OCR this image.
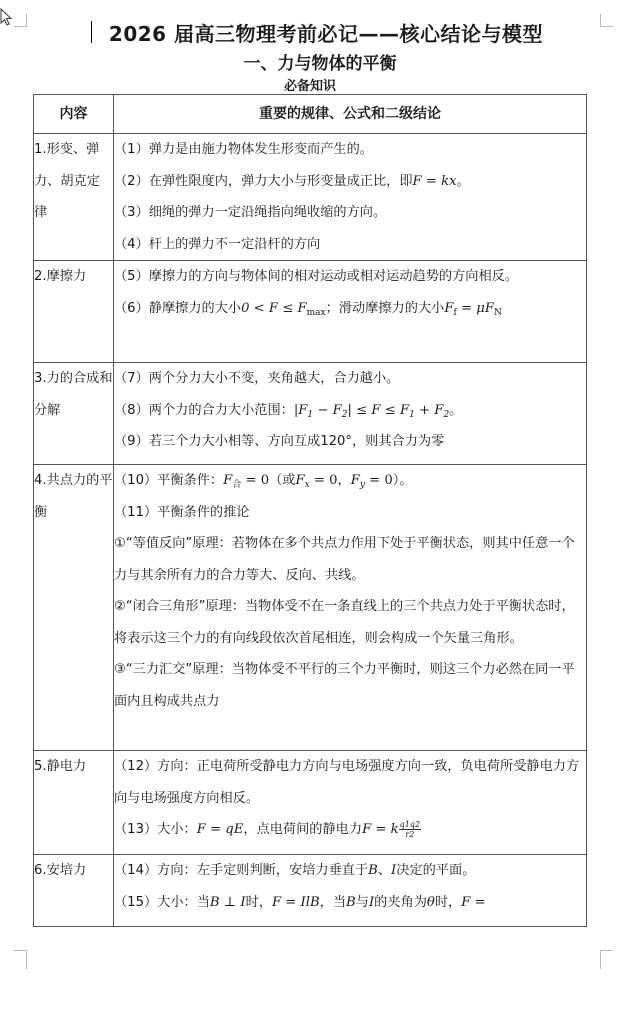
2026 届高三物理考前必记——核心结论与模型
一、力与物体的平衡
必备知识
内容	重要的规律、公式和二级结论
1.形变、弹力、胡克定律	（1）弹力是由施力物体发生形变而产生的。
（2）在弹性限度内，弹力大小与形变量成正比，即F = kx。
（3）细绳的弹力一定沿绳指向绳收缩的方向。
（4）杆上的弹力不一定沿杆的方向

2.摩擦力	（5）摩擦力的方向与物体间的相对运动或相对运动趋势的方向相反。
（6）静摩擦力的大小$0 < F \le F_{max}$；滑动摩擦力的大小$F_f = \mu F_N$

3.力的合成和分解	（7）两个分力大小不变，夹角越大，合力越小。
（8）两个力的合力大小范围：$|F_1 - F_2| \le F \le F_1 + F_2$。
（9）若三个力大小相等、方向互成120°，则其合力为零

4.共点力的平衡	（10）平衡条件：$F_合 = 0$（或$F_x = 0$，$F_y = 0$）。
（11）平衡条件的推论
①“等值反向”原理：若物体在多个共点力作用下处于平衡状态，则其中任意一个力与其余所有力的合力等大、反向、共线。
②“闭合三角形”原理：当物体受不在一条直线上的三个共点力处于平衡状态时，将表示这三个力的有向线段依次首尾相连，则会构成一个矢量三角形。
③“三力汇交”原理：当物体受不平行的三个力平衡时，则这三个力必然在同一平面内且构成共点力

5.静电力	（12）方向：正电荷所受静电力方向与电场强度方向一致，负电荷所受静电力方向与电场强度方向相反。
（13）大小：F = qE，点电荷间的静电力F = k $\frac{q1q2}{r2}$

6.安培力	（14）方向：左手定则判断，安培力垂直于B、I决定的平面。
（15）大小：当B ⊥ I时，F = IlB，当B与I的夹角为θ时，F =
